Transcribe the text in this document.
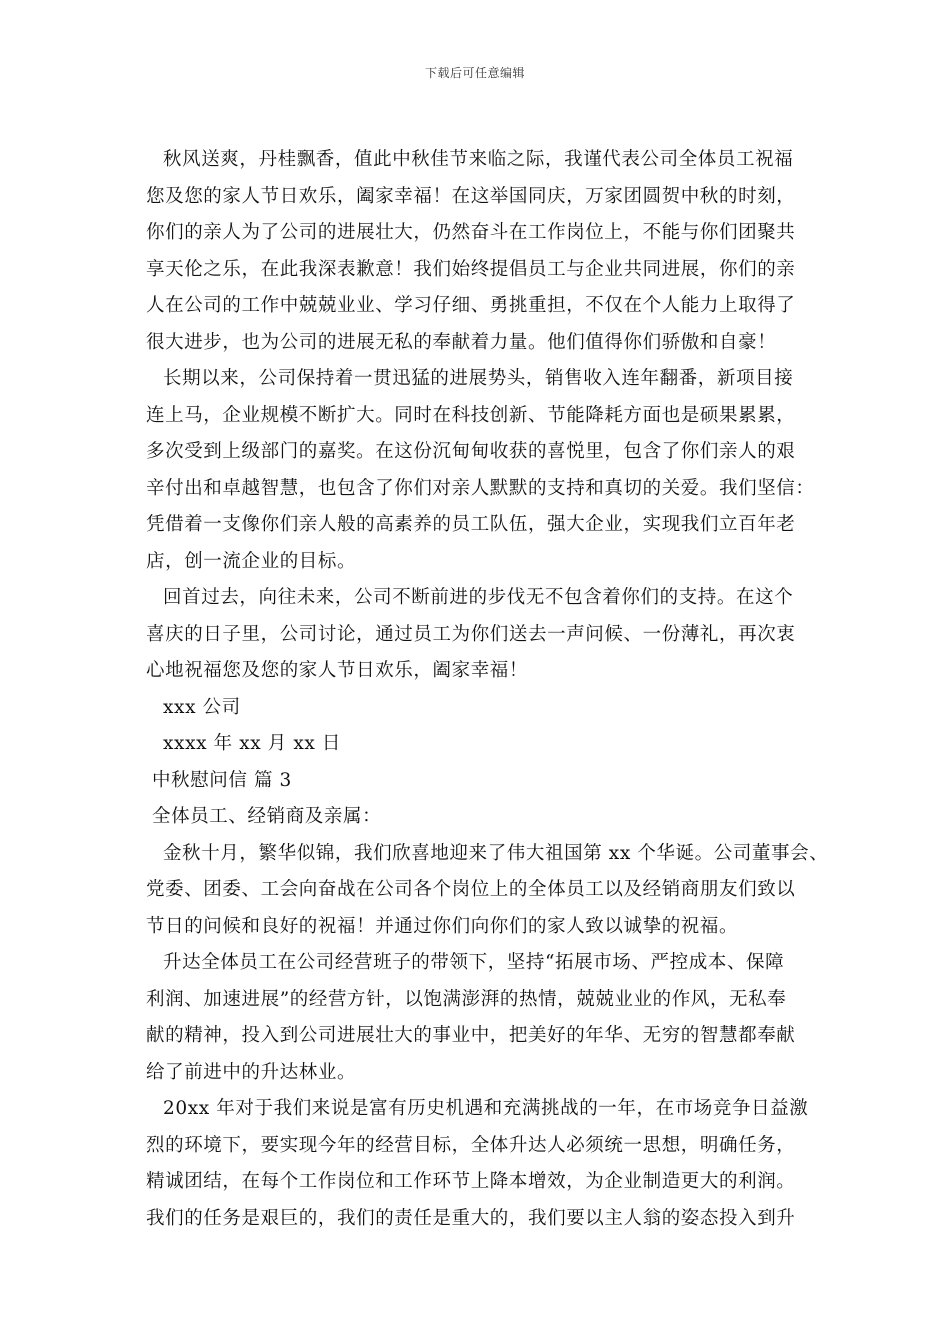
下载后可任意编辑
秋风送爽，丹桂飘香，值此中秋佳节来临之际，我谨代表公司全体员工祝福
您及您的家人节日欢乐，阖家幸福！在这举国同庆，万家团圆贺中秋的时刻，
你们的亲人为了公司的进展壮大，仍然奋斗在工作岗位上，不能与你们团聚共
享天伦之乐，在此我深表歉意！我们始终提倡员工与企业共同进展，你们的亲
人在公司的工作中兢兢业业、学习仔细、勇挑重担，不仅在个人能力上取得了
很大进步，也为公司的进展无私的奉献着力量。他们值得你们骄傲和自豪！
长期以来，公司保持着一贯迅猛的进展势头，销售收入连年翻番，新项目接
连上马，企业规模不断扩大。同时在科技创新、节能降耗方面也是硕果累累，
多次受到上级部门的嘉奖。在这份沉甸甸收获的喜悦里，包含了你们亲人的艰
辛付出和卓越智慧，也包含了你们对亲人默默的支持和真切的关爱。我们坚信：
凭借着一支像你们亲人般的高素养的员工队伍，强大企业，实现我们立百年老
店，创一流企业的目标。
回首过去，向往未来，公司不断前进的步伐无不包含着你们的支持。在这个
喜庆的日子里，公司讨论，通过员工为你们送去一声问候、一份薄礼，再次衷
心地祝福您及您的家人节日欢乐，阖家幸福！
xxx 公司
xxxx 年 xx 月 xx 日
中秋慰问信 篇 3
全体员工、经销商及亲属：
金秋十月，繁华似锦，我们欣喜地迎来了伟大祖国第 xx 个华诞。公司董事会、
党委、团委、工会向奋战在公司各个岗位上的全体员工以及经销商朋友们致以
节日的问候和良好的祝福！并通过你们向你们的家人致以诚挚的祝福。
升达全体员工在公司经营班子的带领下，坚持“拓展市场、严控成本、保障
利润、加速进展”的经营方针，以饱满澎湃的热情，兢兢业业的作风，无私奉
献的精神，投入到公司进展壮大的事业中，把美好的年华、无穷的智慧都奉献
给了前进中的升达林业。
20xx 年对于我们来说是富有历史机遇和充满挑战的一年，在市场竞争日益激
烈的环境下，要实现今年的经营目标，全体升达人必须统一思想，明确任务，
精诚团结，在每个工作岗位和工作环节上降本增效，为企业制造更大的利润。
我们的任务是艰巨的，我们的责任是重大的，我们要以主人翁的姿态投入到升
